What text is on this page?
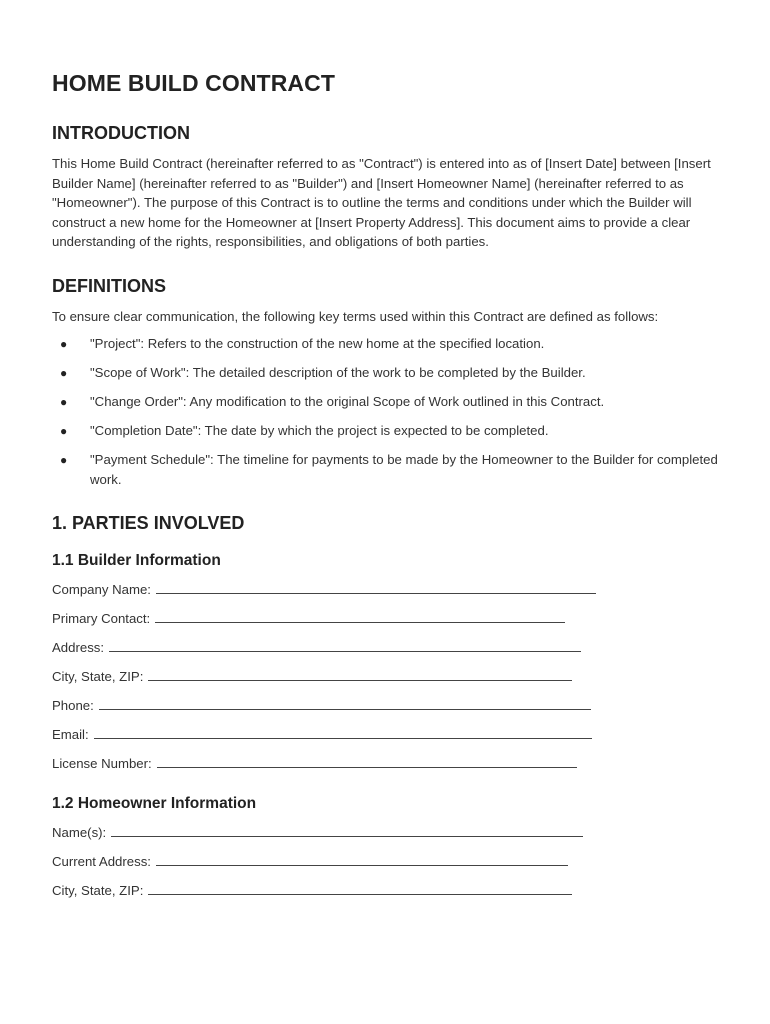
HOME BUILD CONTRACT
INTRODUCTION

This Home Build Contract (hereinafter referred to as "Contract") is entered into as of [Insert Date] between [Insert Builder Name] (hereinafter referred to as "Builder") and [Insert Homeowner Name] (hereinafter referred to as "Homeowner"). The purpose of this Contract is to outline the terms and conditions under which the Builder will construct a new home for the Homeowner at [Insert Property Address]. This document aims to provide a clear understanding of the rights, responsibilities, and obligations of both parties.

DEFINITIONS

To ensure clear communication, the following key terms used within this Contract are defined as follows:

● "Project": Refers to the construction of the new home at the specified location.
● "Scope of Work": The detailed description of the work to be completed by the Builder.
● "Change Order": Any modification to the original Scope of Work outlined in this Contract.
● "Completion Date": The date by which the project is expected to be completed.
● "Payment Schedule": The timeline for payments to be made by the Homeowner to the Builder for completed work.
1. PARTIES INVOLVED
1.1 Builder Information
Company Name:
Primary Contact:
Address:
City, State, ZIP:
Phone:
Email:
License Number:
1.2 Homeowner Information
Name(s):
Current Address:
City, State, ZIP:
